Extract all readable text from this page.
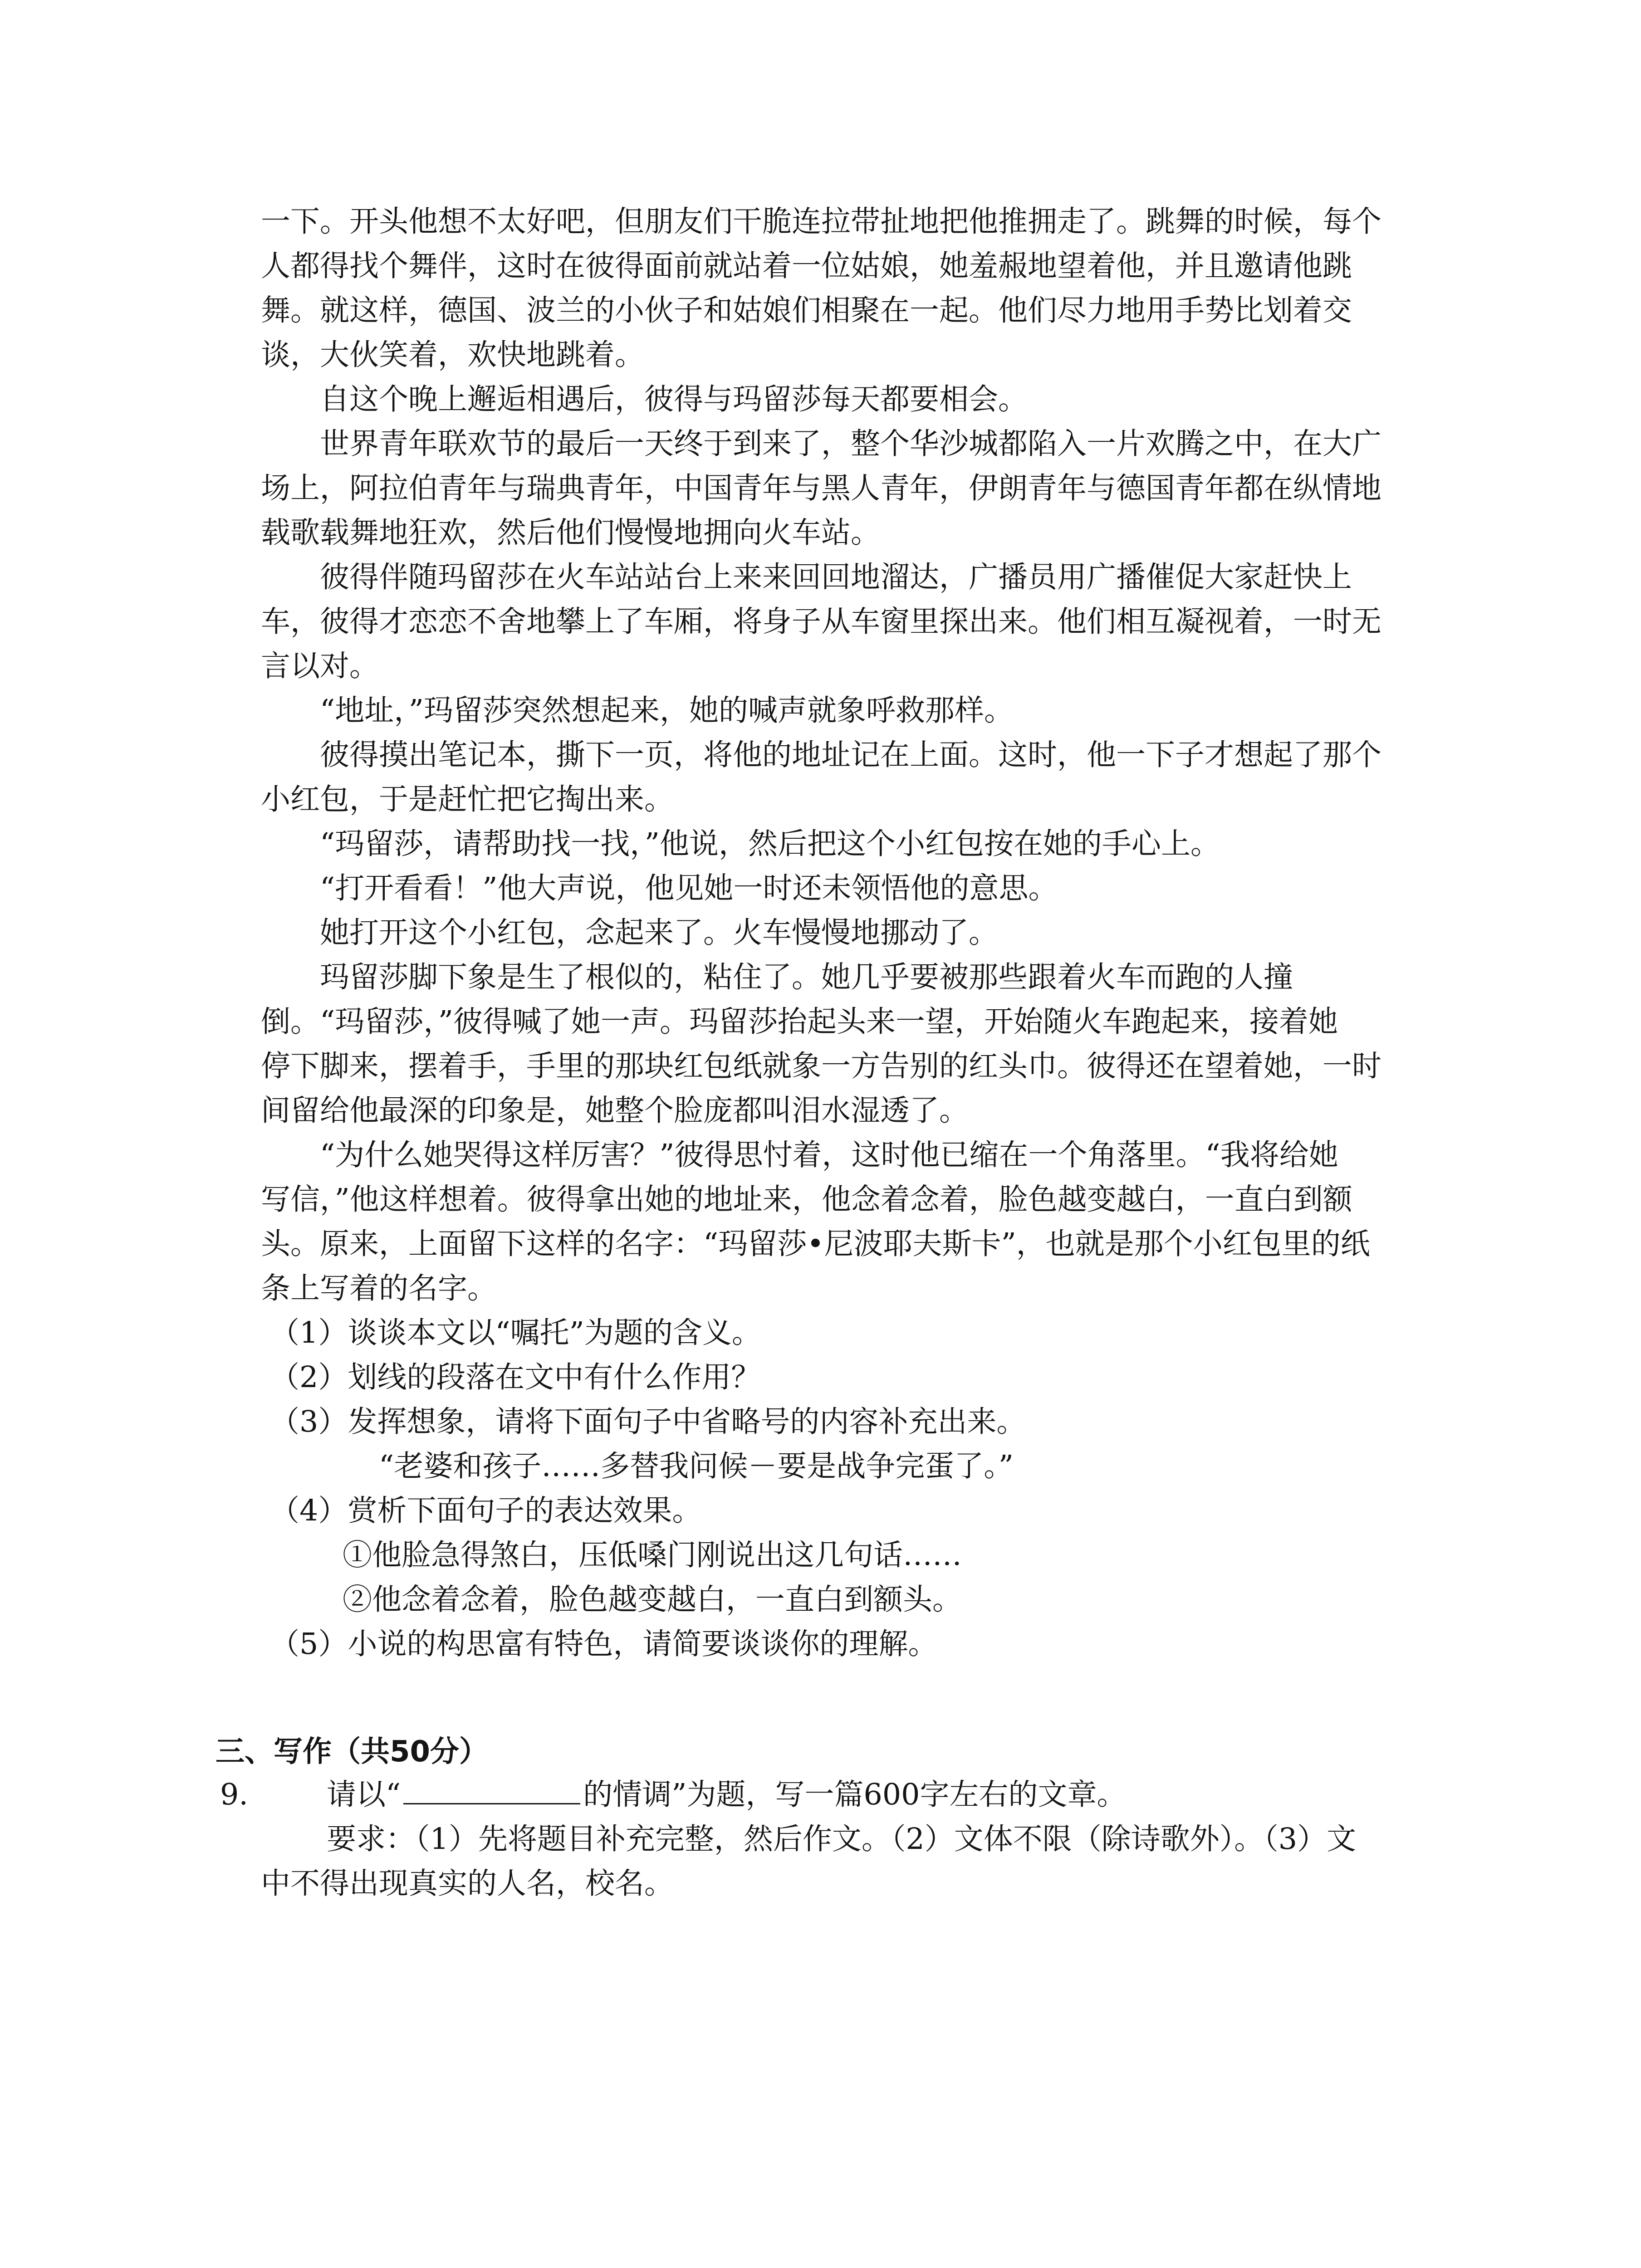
一下。开头他想不太好吧，但朋友们干脆连拉带扯地把他推拥走了。跳舞的时候，每个
人都得找个舞伴，这时在彼得面前就站着一位姑娘，她羞赧地望着他，并且邀请他跳
舞。就这样，德国、波兰的小伙子和姑娘们相聚在一起。他们尽力地用手势比划着交
谈，大伙笑着，欢快地跳着。
自这个晚上邂逅相遇后，彼得与玛留莎每天都要相会。
世界青年联欢节的最后一天终于到来了，整个华沙城都陷入一片欢腾之中，在大广
场上，阿拉伯青年与瑞典青年，中国青年与黑人青年，伊朗青年与德国青年都在纵情地
载歌载舞地狂欢，然后他们慢慢地拥向火车站。
彼得伴随玛留莎在火车站站台上来来回回地溜达，广播员用广播催促大家赶快上
车，彼得才恋恋不舍地攀上了车厢，将身子从车窗里探出来。他们相互凝视着，一时无
言以对。
“地址，”玛留莎突然想起来，她的喊声就象呼救那样。
彼得摸出笔记本，撕下一页，将他的地址记在上面。这时，他一下子才想起了那个
小红包，于是赶忙把它掏出来。
“玛留莎，请帮助找一找，”他说，然后把这个小红包按在她的手心上。
“打开看看！”他大声说，他见她一时还未领悟他的意思。
她打开这个小红包，念起来了。火车慢慢地挪动了。
玛留莎脚下象是生了根似的，粘住了。她几乎要被那些跟着火车而跑的人撞
倒。“玛留莎，”彼得喊了她一声。玛留莎抬起头来一望，开始随火车跑起来，接着她
停下脚来，摆着手，手里的那块红包纸就象一方告别的红头巾。彼得还在望着她，一时
间留给他最深的印象是，她整个脸庞都叫泪水湿透了。
“为什么她哭得这样厉害？”彼得思忖着，这时他已缩在一个角落里。“我将给她
写信，”他这样想着。彼得拿出她的地址来，他念着念着，脸色越变越白，一直白到额
头。原来，上面留下这样的名字：“玛留莎•尼波耶夫斯卡”，也就是那个小红包里的纸
条上写着的名字。
（1）谈谈本文以“嘱托”为题的含义。
（2）划线的段落在文中有什么作用？
（3）发挥想象，请将下面句子中省略号的内容补充出来。
“老婆和孩子……多替我问候－要是战争完蛋了。”
（4）赏析下面句子的表达效果。
①他脸急得煞白，压低嗓门刚说出这几句话……
②他念着念着，脸色越变越白，一直白到额头。
（5）小说的构思富有特色，请简要谈谈你的理解。
三、写作（共50分）
9.	请以“	的情调”为题，写一篇600字左右的文章。
要求：（1）先将题目补充完整，然后作文。（2）文体不限（除诗歌外）。（3）文
中不得出现真实的人名，校名。
